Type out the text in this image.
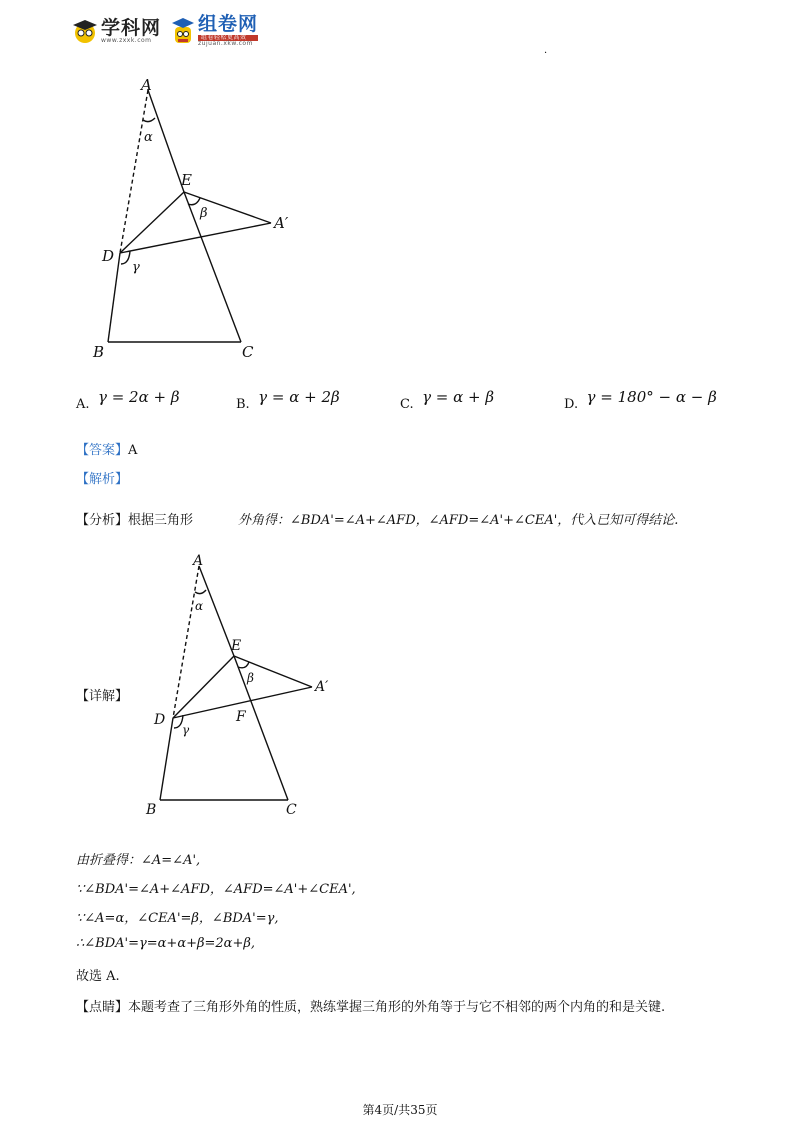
学科网
www.zxxk.com
组卷网
组卷轻松更高效
zujuan.xkw.com
·
A
α
E
β
A′
D
γ
B	C
A. γ = 2α + β	B. γ = α + 2β	C. γ = α + β	D. γ = 180° − α − β
【答案】A
【解析】
【分析】根据三角形	外角得：∠BDA'=∠A+∠AFD，∠AFD=∠A'+∠CEA'，代入已知可得结论.
【详解】
A
α
E
β
A′
D	F
γ
B	C
由折叠得：∠A=∠A',
∵∠BDA'=∠A+∠AFD，∠AFD=∠A'+∠CEA',
∵∠A=α，∠CEA'=β，∠BDA'=γ,
∴∠BDA'=γ=α+α+β=2α+β,
故选 A.
【点睛】本题考查了三角形外角的性质，熟练掌握三角形的外角等于与它不相邻的两个内角的和是关键.
第4页/共35页
